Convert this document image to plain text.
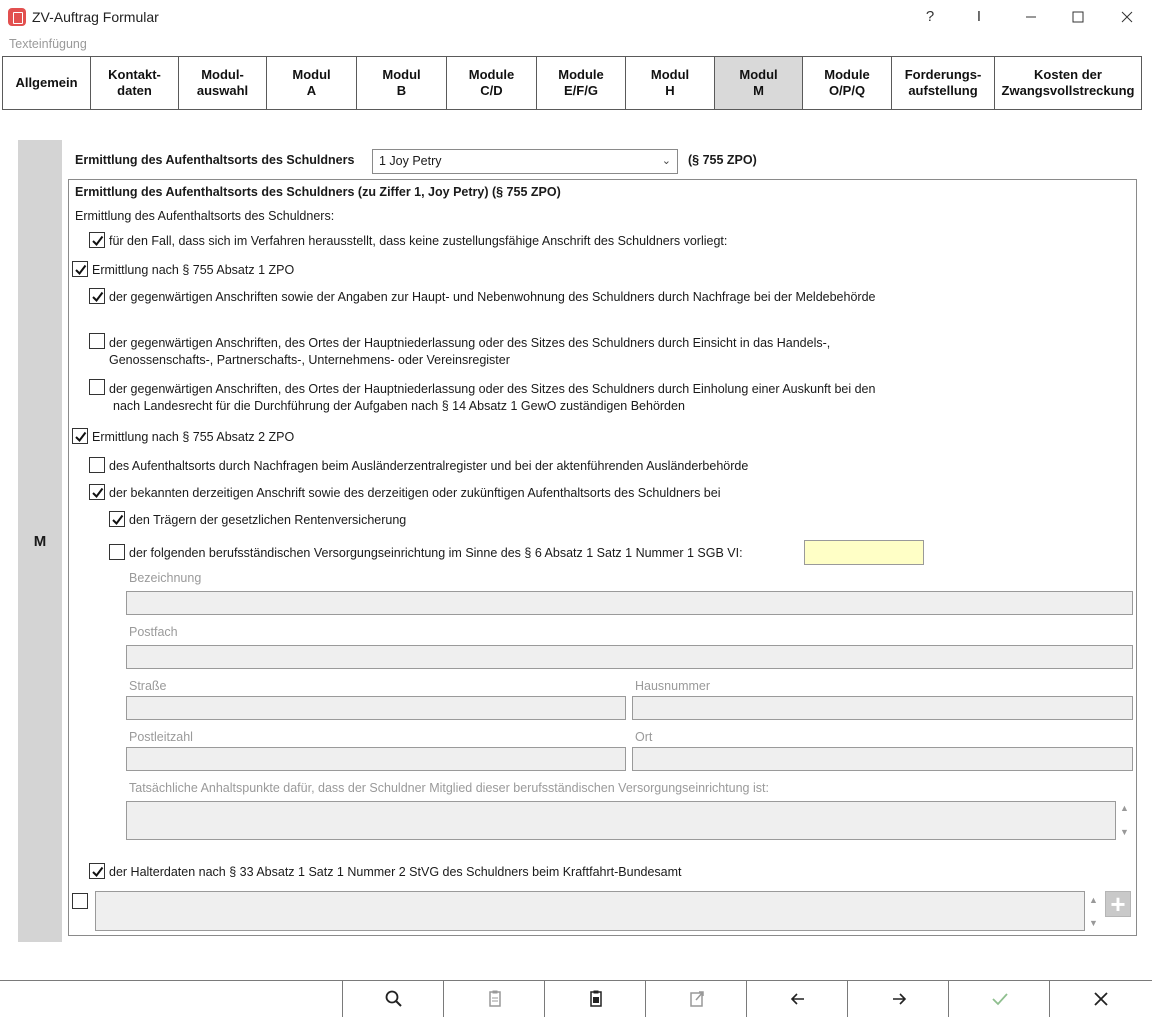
ZV-Auftrag Formular	?	I
Texteinfügung
Allgemein
Kontakt-
daten
Modul-
auswahl
Modul
A
Modul
B
Module
C/D
Module
E/F/G
Modul
H
Modul
M
Module
O/P/Q
Forderungs-
aufstellung
Kosten der
Zwangsvollstreckung
M
Ermittlung des Aufenthaltsorts des Schuldners	1 Joy Petry	⌄ (§ 755 ZPO)
Ermittlung des Aufenthaltsorts des Schuldners (zu Ziffer 1, Joy Petry) (§ 755 ZPO)
Ermittlung des Aufenthaltsorts des Schuldners:
für den Fall, dass sich im Verfahren herausstellt, dass keine zustellungsfähige Anschrift des Schuldners vorliegt:
Ermittlung nach § 755 Absatz 1 ZPO
der gegenwärtigen Anschriften sowie der Angaben zur Haupt- und Nebenwohnung des Schuldners durch Nachfrage bei der Meldebehörde
der gegenwärtigen Anschriften, des Ortes der Hauptniederlassung oder des Sitzes des Schuldners durch Einsicht in das Handels-,
Genossenschafts-, Partnerschafts-, Unternehmens- oder Vereinsregister
der gegenwärtigen Anschriften, des Ortes der Hauptniederlassung oder des Sitzes des Schuldners durch Einholung einer Auskunft bei den
nach Landesrecht für die Durchführung der Aufgaben nach § 14 Absatz 1 GewO zuständigen Behörden
Ermittlung nach § 755 Absatz 2 ZPO
des Aufenthaltsorts durch Nachfragen beim Ausländerzentralregister und bei der aktenführenden Ausländerbehörde
der bekannten derzeitigen Anschrift sowie des derzeitigen oder zukünftigen Aufenthaltsorts des Schuldners bei
den Trägern der gesetzlichen Rentenversicherung
der folgenden berufsständischen Versorgungseinrichtung im Sinne des § 6 Absatz 1 Satz 1 Nummer 1 SGB VI:
Bezeichnung
Postfach
Straße	Hausnummer
Postleitzahl	Ort
Tatsächliche Anhaltspunkte dafür, dass der Schuldner Mitglied dieser berufsständischen Versorgungseinrichtung ist:
▲
▼
der Halterdaten nach § 33 Absatz 1 Satz 1 Nummer 2 StVG des Schuldners beim Kraftfahrt-Bundesamt
▲
▼
+
